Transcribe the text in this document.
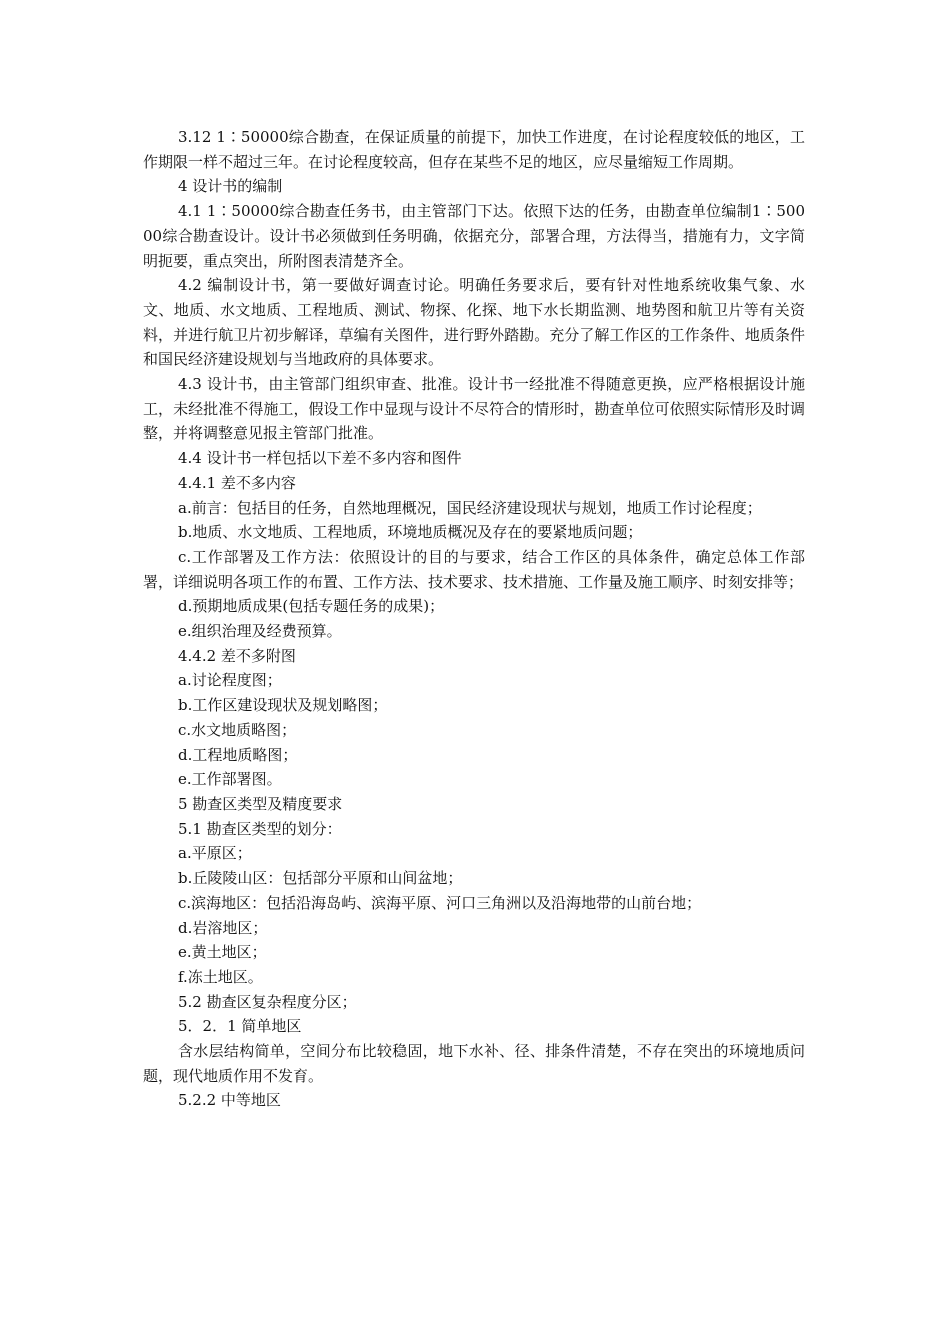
3.12 1∶50000综合勘查，在保证质量的前提下，加快工作进度，在讨论程度较低的地区，工作期限一样不超过三年。在讨论程度较高，但存在某些不足的地区，应尽量缩短工作周期。

4 设计书的编制

4.1 1∶50000综合勘查任务书，由主管部门下达。依照下达的任务，由勘查单位编制1∶50000综合勘查设计。设计书必须做到任务明确，依据充分，部署合理，方法得当，措施有力，文字简明扼要，重点突出，所附图表清楚齐全。

4.2 编制设计书，第一要做好调查讨论。明确任务要求后，要有针对性地系统收集气象、水文、地质、水文地质、工程地质、测试、物探、化探、地下水长期监测、地势图和航卫片等有关资料，并进行航卫片初步解译，草编有关图件，进行野外踏勘。充分了解工作区的工作条件、地质条件和国民经济建设规划与当地政府的具体要求。

4.3 设计书，由主管部门组织审查、批准。设计书一经批准不得随意更换，应严格根据设计施工，未经批准不得施工，假设工作中显现与设计不尽符合的情形时，勘查单位可依照实际情形及时调整，并将调整意见报主管部门批准。

4.4 设计书一样包括以下差不多内容和图件

4.4.1 差不多内容

a.前言：包括目的任务，自然地理概况，国民经济建设现状与规划，地质工作讨论程度；

b.地质、水文地质、工程地质，环境地质概况及存在的要紧地质问题；

c.工作部署及工作方法：依照设计的目的与要求，结合工作区的具体条件，确定总体工作部署，详细说明各项工作的布置、工作方法、技术要求、技术措施、工作量及施工顺序、时刻安排等；

d.预期地质成果(包括专题任务的成果)；

e.组织治理及经费预算。

4.4.2 差不多附图

a.讨论程度图；

b.工作区建设现状及规划略图；

c.水文地质略图；

d.工程地质略图；

e.工作部署图。

5 勘查区类型及精度要求

5.1 勘查区类型的划分：

a.平原区；

b.丘陵陵山区：包括部分平原和山间盆地；

c.滨海地区：包括沿海岛屿、滨海平原、河口三角洲以及沿海地带的山前台地；

d.岩溶地区；

e.黄土地区；

f.冻土地区。

5.2 勘查区复杂程度分区；

5．2．1 简单地区

含水层结构简单，空间分布比较稳固，地下水补、径、排条件清楚，不存在突出的环境地质问题，现代地质作用不发育。

5.2.2 中等地区
